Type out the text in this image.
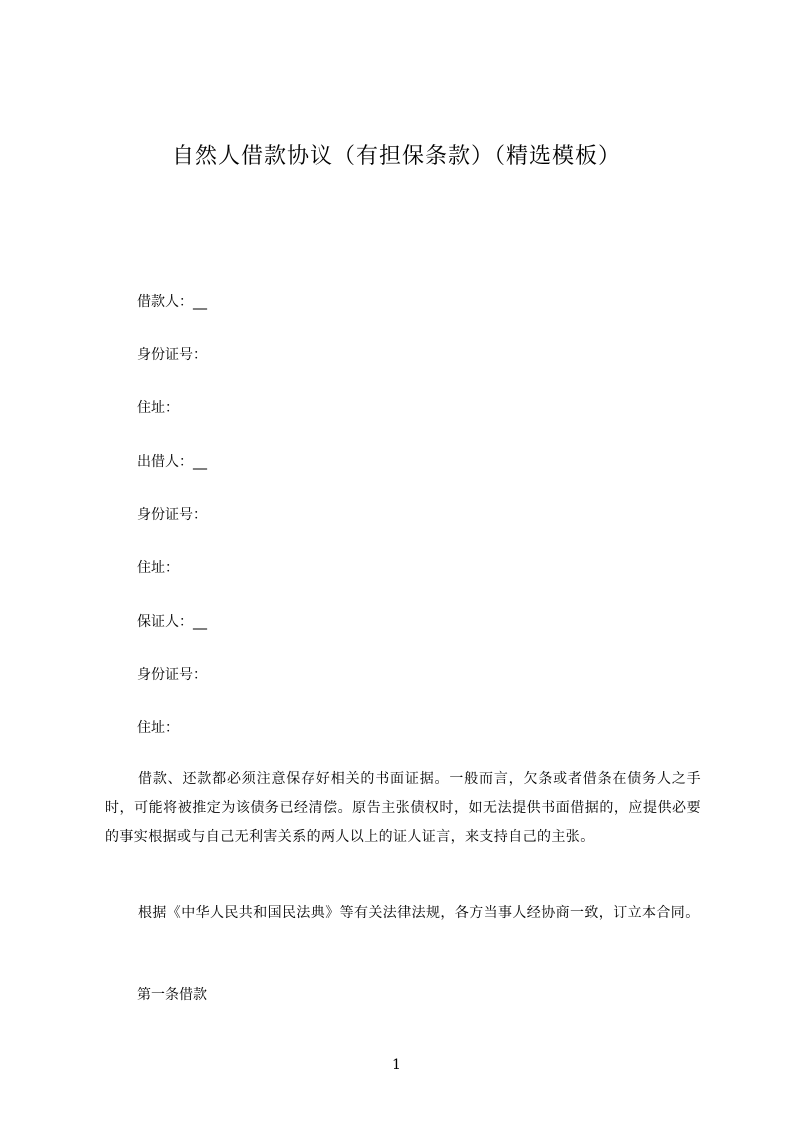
自然人借款协议（有担保条款）（精选模板）
借款人：__
身份证号：
住址：
出借人：__
身份证号：
住址：
保证人：__
身份证号：
住址：
借款、还款都必须注意保存好相关的书面证据。一般而言，欠条或者借条在债务人之手时，可能将被推定为该债务已经清偿。原告主张债权时，如无法提供书面借据的，应提供必要的事实根据或与自己无利害关系的两人以上的证人证言，来支持自己的主张。
根据《中华人民共和国民法典》等有关法律法规，各方当事人经协商一致，订立本合同。
第一条借款
1
